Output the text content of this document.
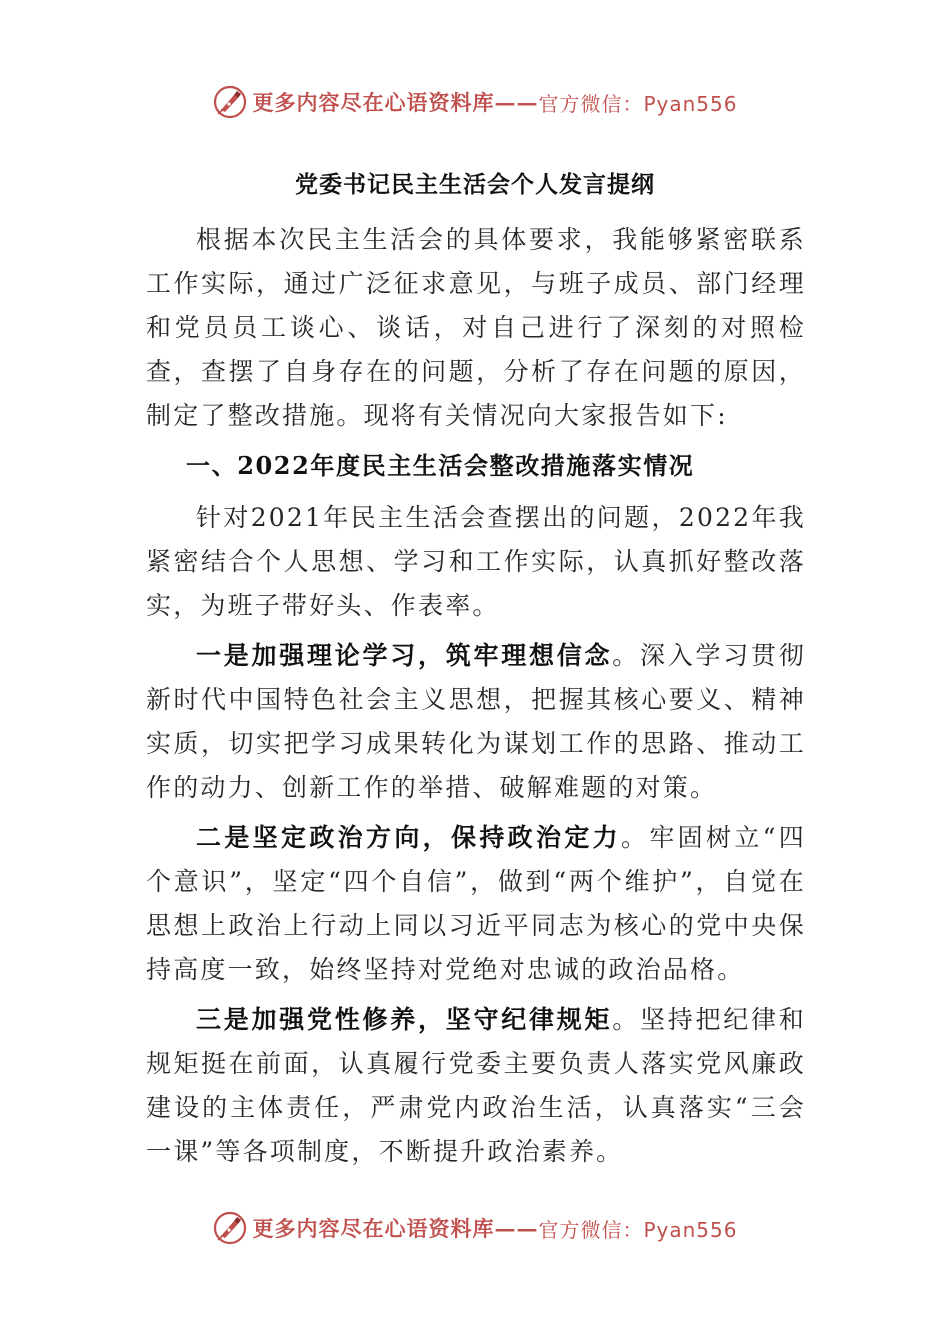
更多内容尽在心语资料库 —— 官方微信：Pyan556
党委书记民主生活会个人发言提纲

根据本次民主生活会的具体要求，我能够紧密联系工作实际，通过广泛征求意见，与班子成员、部门经理和党员员工谈心、谈话，对自己进行了深刻的对照检查，查摆了自身存在的问题，分析了存在问题的原因，制定了整改措施。现将有关情况向大家报告如下:

一、2022年度民主生活会整改措施落实情况

针对2021年民主生活会查摆出的问题，2022年我紧密结合个人思想、学习和工作实际，认真抓好整改落实，为班子带好头、作表率。

一是加强理论学习，筑牢理想信念。深入学习贯彻新时代中国特色社会主义思想，把握其核心要义、精神实质，切实把学习成果转化为谋划工作的思路、推动工作的动力、创新工作的举措、破解难题的对策。

二是坚定政治方向，保持政治定力。牢固树立“四个意识”，坚定“四个自信”，做到“两个维护”，自觉在思想上政治上行动上同以习近平同志为核心的党中央保持高度一致，始终坚持对党绝对忠诚的政治品格。

三是加强党性修养，坚守纪律规矩。坚持把纪律和规矩挺在前面，认真履行党委主要负责人落实党风廉政建设的主体责任，严肃党内政治生活，认真落实“三会一课”等各项制度，不断提升政治素养。

更多内容尽在心语资料库 —— 官方微信：Pyan556
